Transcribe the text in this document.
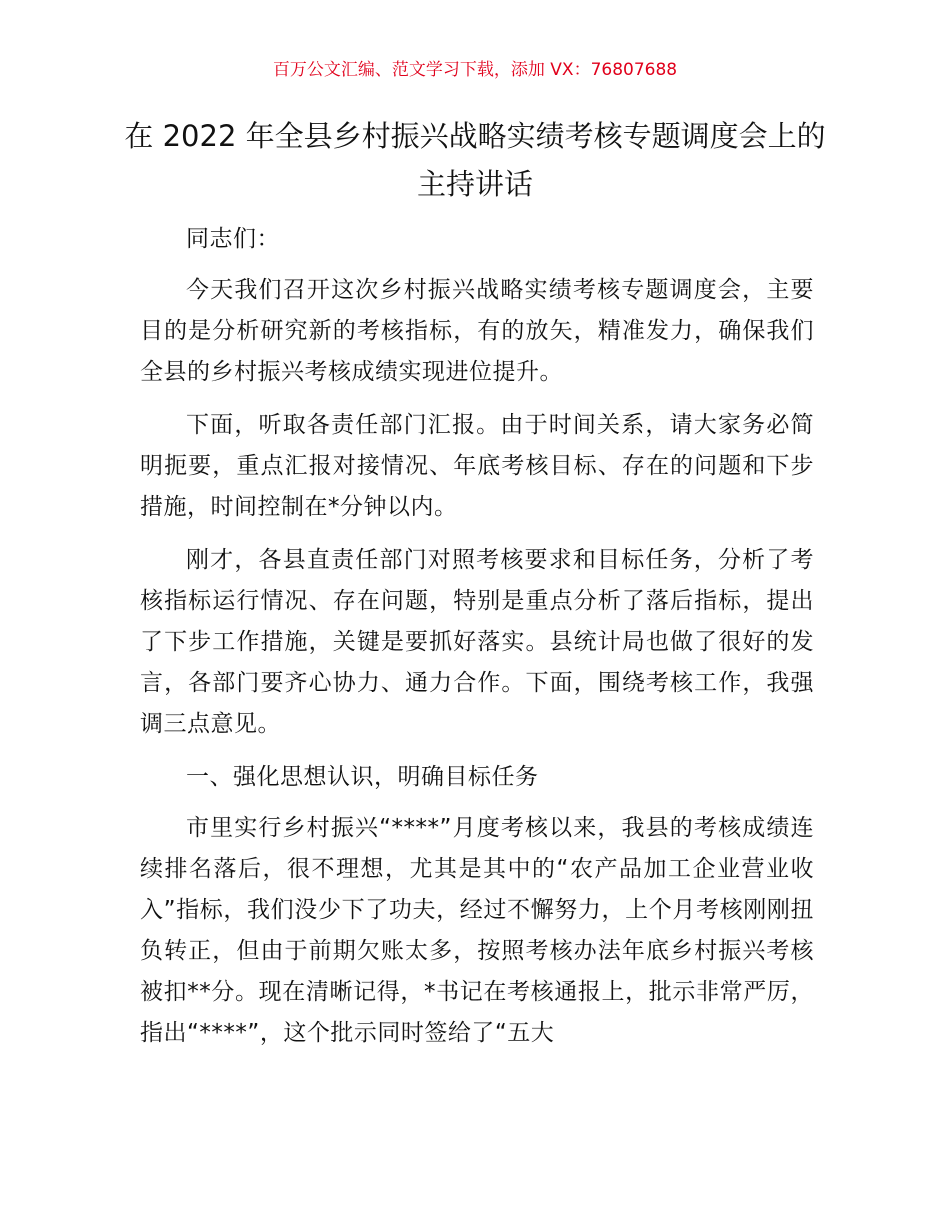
百万公文汇编、范文学习下载，添加 VX：76807688
在 2022 年全县乡村振兴战略实绩考核专题调度会上的主持讲话

同志们：

今天我们召开这次乡村振兴战略实绩考核专题调度会，主要目的是分析研究新的考核指标，有的放矢，精准发力，确保我们全县的乡村振兴考核成绩实现进位提升。

下面，听取各责任部门汇报。由于时间关系，请大家务必简明扼要，重点汇报对接情况、年底考核目标、存在的问题和下步措施，时间控制在*分钟以内。

刚才，各县直责任部门对照考核要求和目标任务，分析了考核指标运行情况、存在问题，特别是重点分析了落后指标，提出了下步工作措施，关键是要抓好落实。县统计局也做了很好的发言，各部门要齐心协力、通力合作。下面，围绕考核工作，我强调三点意见。

一、强化思想认识，明确目标任务

市里实行乡村振兴“****”月度考核以来，我县的考核成绩连续排名落后，很不理想，尤其是其中的“农产品加工企业营业收入”指标，我们没少下了功夫，经过不懈努力，上个月考核刚刚扭负转正，但由于前期欠账太多，按照考核办法年底乡村振兴考核被扣**分。现在清晰记得，*书记在考核通报上，批示非常严厉，指出“****”，这个批示同时签给了“五大
